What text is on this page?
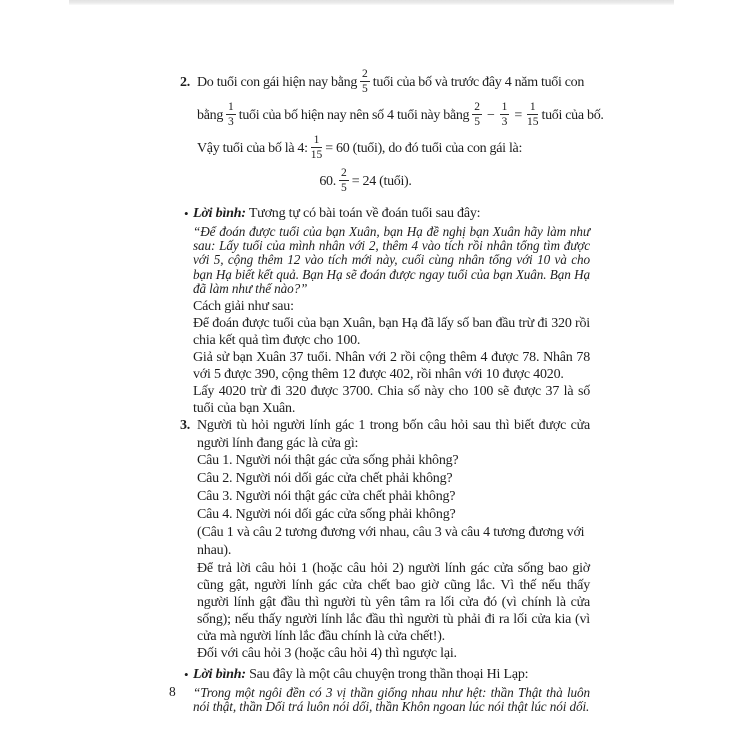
2. Do tuổi con gái hiện nay bằng $\frac{2}{5}$ tuổi của bố và trước đây 4 năm tuổi con
bằng $\frac{1}{3}$ tuổi của bố hiện nay nên số 4 tuổi này bằng $\frac{2}{5} - \frac{1}{3} = \frac{1}{15}$ tuổi của bố.
Vậy tuổi của bố là 4: $\frac{1}{15} = 60$ (tuổi), do đó tuổi của con gái là:
60. $\frac{2}{5} = 24$ (tuổi).
• Lời bình: Tương tự có bài toán về đoán tuổi sau đây:

“Để đoán được tuổi của bạn Xuân, bạn Hạ đề nghị bạn Xuân hãy làm như sau: Lấy tuổi của mình nhân với 2, thêm 4 vào tích rồi nhân tổng tìm được với 5, cộng thêm 12 vào tích mới này, cuối cùng nhân tổng với 10 và cho bạn Hạ biết kết quả. Bạn Hạ sẽ đoán được ngay tuổi của bạn Xuân. Bạn Hạ đã làm như thế nào?”

Cách giải như sau:

Để đoán được tuổi của bạn Xuân, bạn Hạ đã lấy số ban đầu trừ đi 320 rồi chia kết quả tìm được cho 100.

Giả sử bạn Xuân 37 tuổi. Nhân với 2 rồi cộng thêm 4 được 78. Nhân 78 với 5 được 390, cộng thêm 12 được 402, rồi nhân với 10 được 4020.

Lấy 4020 trừ đi 320 được 3700. Chia số này cho 100 sẽ được 37 là số tuổi của bạn Xuân.

3. Người tù hỏi người lính gác 1 trong bốn câu hỏi sau thì biết được cửa người lính đang gác là cửa gì:

Câu 1. Người nói thật gác cửa sống phải không?
Câu 2. Người nói dối gác cửa chết phải không?
Câu 3. Người nói thật gác cửa chết phải không?
Câu 4. Người nói dối gác cửa sống phải không?
(Câu 1 và câu 2 tương đương với nhau, câu 3 và câu 4 tương đương với nhau).

Để trả lời câu hỏi 1 (hoặc câu hỏi 2) người lính gác cửa sống bao giờ cũng gật, người lính gác cửa chết bao giờ cũng lắc. Vì thế nếu thấy người lính gật đầu thì người tù yên tâm ra lối cửa đó (vì chính là cửa sống); nếu thấy người lính lắc đầu thì người tù phải đi ra lối cửa kia (vì cửa mà người lính lắc đầu chính là cửa chết!).

Đối với câu hỏi 3 (hoặc câu hỏi 4) thì ngược lại.
• Lời bình: Sau đây là một câu chuyện trong thần thoại Hi Lạp:

“Trong một ngôi đền có 3 vị thần giống nhau như hệt: thần Thật thà luôn nói thật, thần Dối trá luôn nói dối, thần Khôn ngoan lúc nói thật lúc nói dối.

8
